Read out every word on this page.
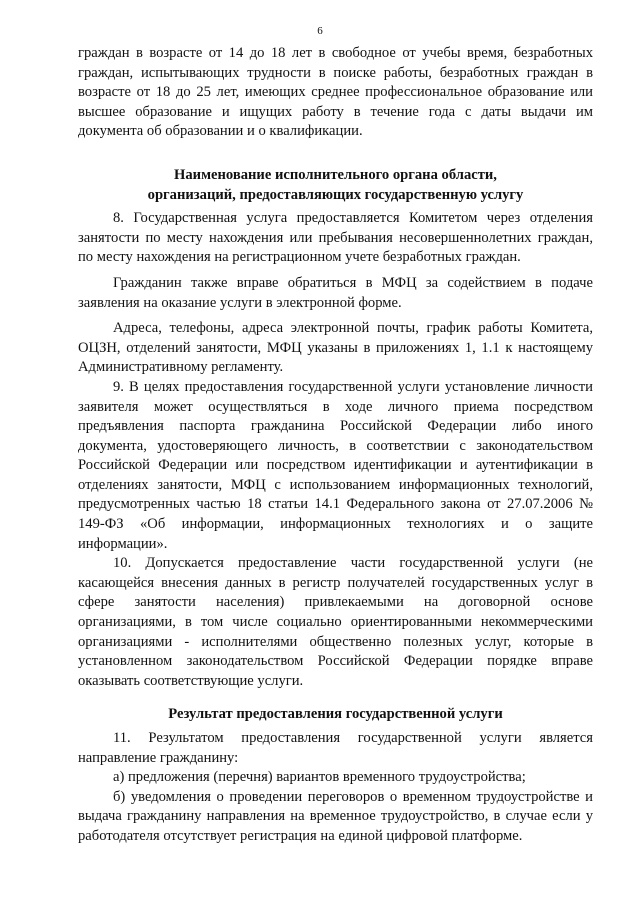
6

граждан в возрасте от 14 до 18 лет в свободное от учебы время, безработных граждан, испытывающих трудности в поиске работы, безработных граждан в возрасте от 18 до 25 лет, имеющих среднее профессиональное образование или высшее образование и ищущих работу в течение года с даты выдачи им документа об образовании и о квалификации.

Наименование исполнительного органа области,
организаций, предоставляющих государственную услугу

8. Государственная услуга предоставляется Комитетом через отделения занятости по месту нахождения или пребывания несовершеннолетних граждан, по месту нахождения на регистрационном учете безработных граждан.

Гражданин также вправе обратиться в МФЦ за содействием в подаче заявления на оказание услуги в электронной форме.

Адреса, телефоны, адреса электронной почты, график работы Комитета, ОЦЗН, отделений занятости, МФЦ указаны в приложениях 1, 1.1 к настоящему Административному регламенту.

9. В целях предоставления государственной услуги установление личности заявителя может осуществляться в ходе личного приема посредством предъявления паспорта гражданина Российской Федерации либо иного документа, удостоверяющего личность, в соответствии с законодательством Российской Федерации или посредством идентификации и аутентификации в отделениях занятости, МФЦ с использованием информационных технологий, предусмотренных частью 18 статьи 14.1 Федерального закона от 27.07.2006 № 149-ФЗ «Об информации, информационных технологиях и о защите информации».

10. Допускается предоставление части государственной услуги (не касающейся внесения данных в регистр получателей государственных услуг в сфере занятости населения) привлекаемыми на договорной основе организациями, в том числе социально ориентированными некоммерческими организациями - исполнителями общественно полезных услуг, которые в установленном законодательством Российской Федерации порядке вправе оказывать соответствующие услуги.

Результат предоставления государственной услуги

11. Результатом предоставления государственной услуги является направление гражданину:

а) предложения (перечня) вариантов временного трудоустройства;

б) уведомления о проведении переговоров о временном трудоустройстве и выдача гражданину направления на временное трудоустройство, в случае если у работодателя отсутствует регистрация на единой цифровой платформе.
